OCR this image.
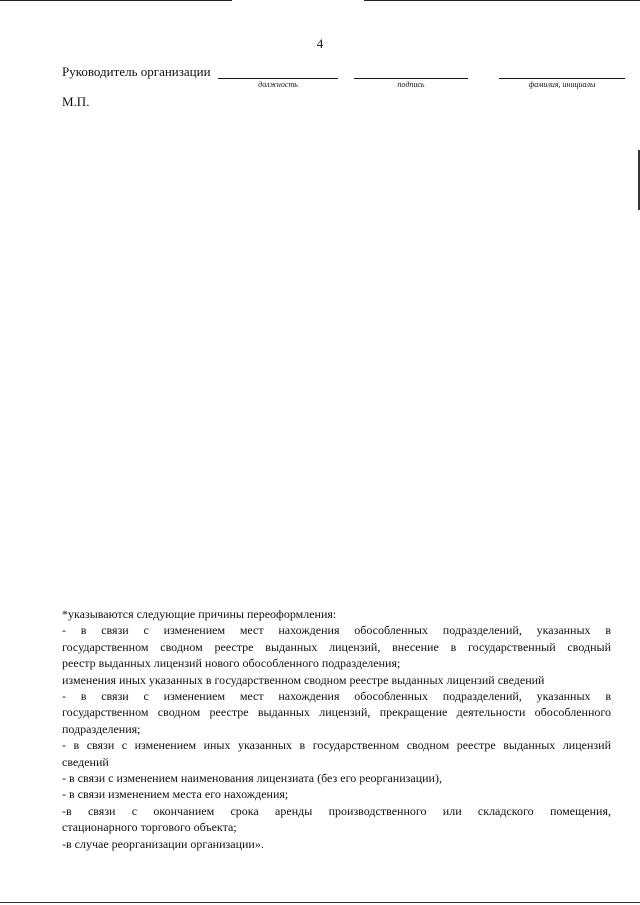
4
Руководитель организации
должность	подпись	фамилия, инициалы
М.П.
*указываются следующие причины переоформления:
- в связи с изменением мест нахождения обособленных подразделений, указанных в
государственном сводном реестре выданных лицензий, внесение в государственный сводный
реестр выданных лицензий нового обособленного подразделения;
изменения иных указанных в государственном сводном реестре выданных лицензий сведений
- в связи с изменением мест нахождения обособленных подразделений, указанных в
государственном сводном реестре выданных лицензий, прекращение деятельности обособленного
подразделения;
- в связи с изменением иных указанных в государственном сводном реестре выданных лицензий
сведений
- в связи с изменением наименования лицензиата (без его реорганизации),
- в связи изменением места его нахождения;
-в связи с окончанием срока аренды производственного или складского помещения,
стационарного торгового объекта;
-в случае реорганизации организации».
